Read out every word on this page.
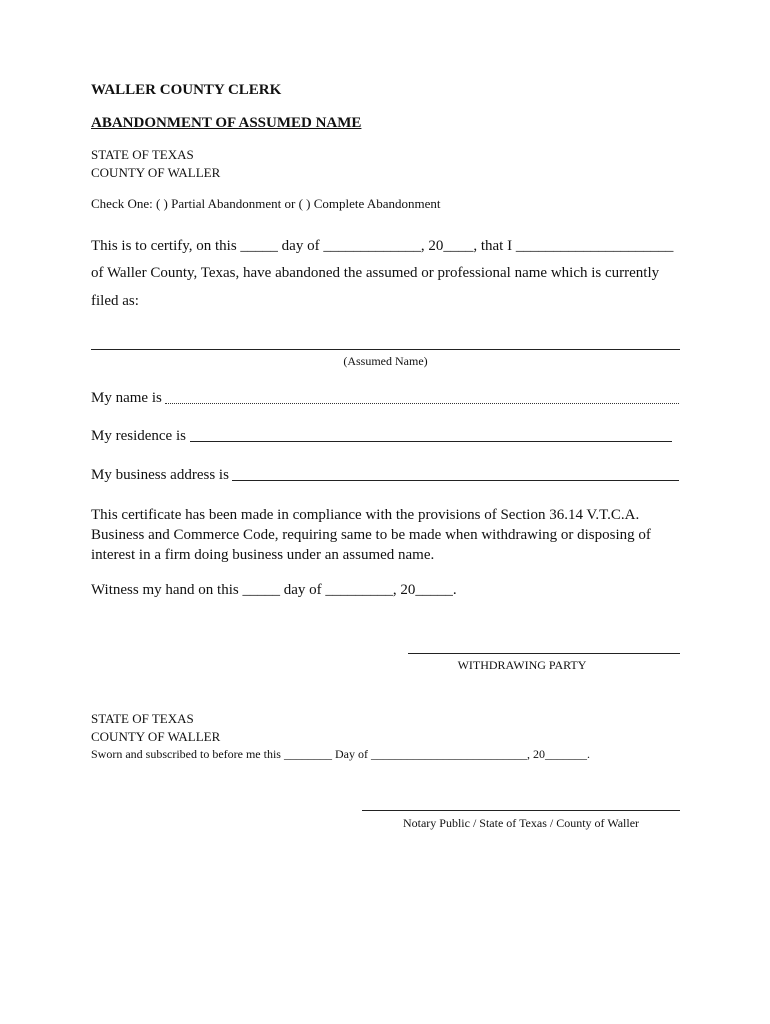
WALLER COUNTY CLERK
ABANDONMENT OF ASSUMED NAME
STATE OF TEXAS
COUNTY OF WALLER
Check One: ( ) Partial Abandonment or ( ) Complete Abandonment
This is to certify, on this _____ day of _____________, 20____, that I _____________________
of Waller County, Texas, have abandoned the assumed or professional name which is currently
filed as:
(Assumed Name)
My name is
My residence is
My business address is
This certificate has been made in compliance with the provisions of Section 36.14 V.T.C.A. Business and Commerce Code, requiring same to be made when withdrawing or disposing of interest in a firm doing business under an assumed name.
Witness my hand on this _____ day of _________, 20_____.
WITHDRAWING PARTY
STATE OF TEXAS
COUNTY OF WALLER
Sworn and subscribed to before me this ________ Day of __________________________, 20_______.
Notary Public / State of Texas / County of Waller
